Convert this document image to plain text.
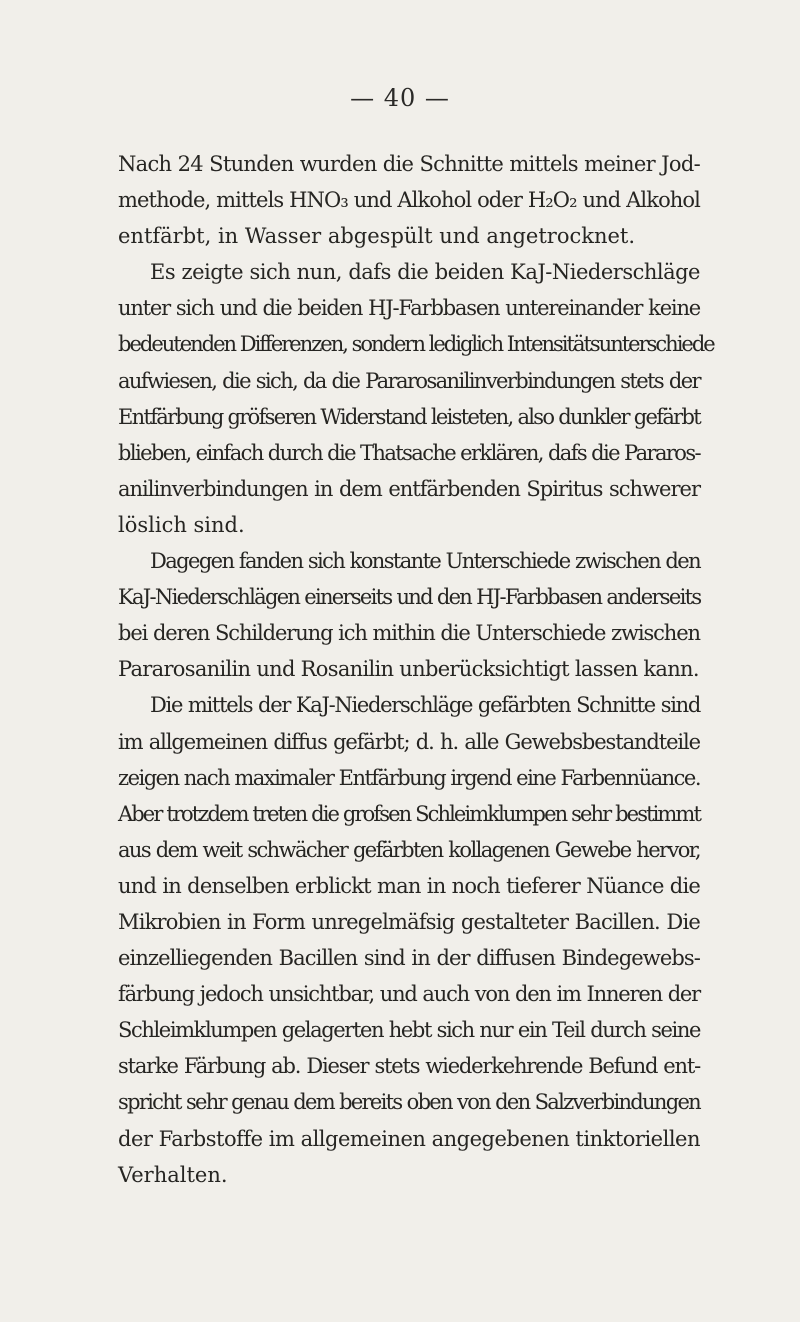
— 40 —

Nach 24 Stunden wurden die Schnitte mittels meiner Jod-
methode, mittels HNO₃ und Alkohol oder H₂O₂ und Alkohol
entfärbt, in Wasser abgespült und angetrocknet.

Es zeigte sich nun, dafs die beiden KaJ-Niederschläge
unter sich und die beiden HJ-Farbbasen untereinander keine
bedeutenden Differenzen, sondern lediglich Intensitätsunterschiede
aufwiesen, die sich, da die Pararosanilinverbindungen stets der
Entfärbung gröfseren Widerstand leisteten, also dunkler gefärbt
blieben, einfach durch die Thatsache erklären, dafs die Pararos-
anilinverbindungen in dem entfärbenden Spiritus schwerer
löslich sind.

Dagegen fanden sich konstante Unterschiede zwischen den
KaJ-Niederschlägen einerseits und den HJ-Farbbasen anderseits
bei deren Schilderung ich mithin die Unterschiede zwischen
Pararosanilin und Rosanilin unberücksichtigt lassen kann.

Die mittels der KaJ-Niederschläge gefärbten Schnitte sind
im allgemeinen diffus gefärbt; d. h. alle Gewebsbestandteile
zeigen nach maximaler Entfärbung irgend eine Farbennüance.
Aber trotzdem treten die grofsen Schleimklumpen sehr bestimmt
aus dem weit schwächer gefärbten kollagenen Gewebe hervor,
und in denselben erblickt man in noch tieferer Nüance die
Mikrobien in Form unregelmäfsig gestalteter Bacillen. Die
einzelliegenden Bacillen sind in der diffusen Bindegewebs-
färbung jedoch unsichtbar, und auch von den im Inneren der
Schleimklumpen gelagerten hebt sich nur ein Teil durch seine
starke Färbung ab. Dieser stets wiederkehrende Befund ent-
spricht sehr genau dem bereits oben von den Salzverbindungen
der Farbstoffe im allgemeinen angegebenen tinktoriellen
Verhalten.
